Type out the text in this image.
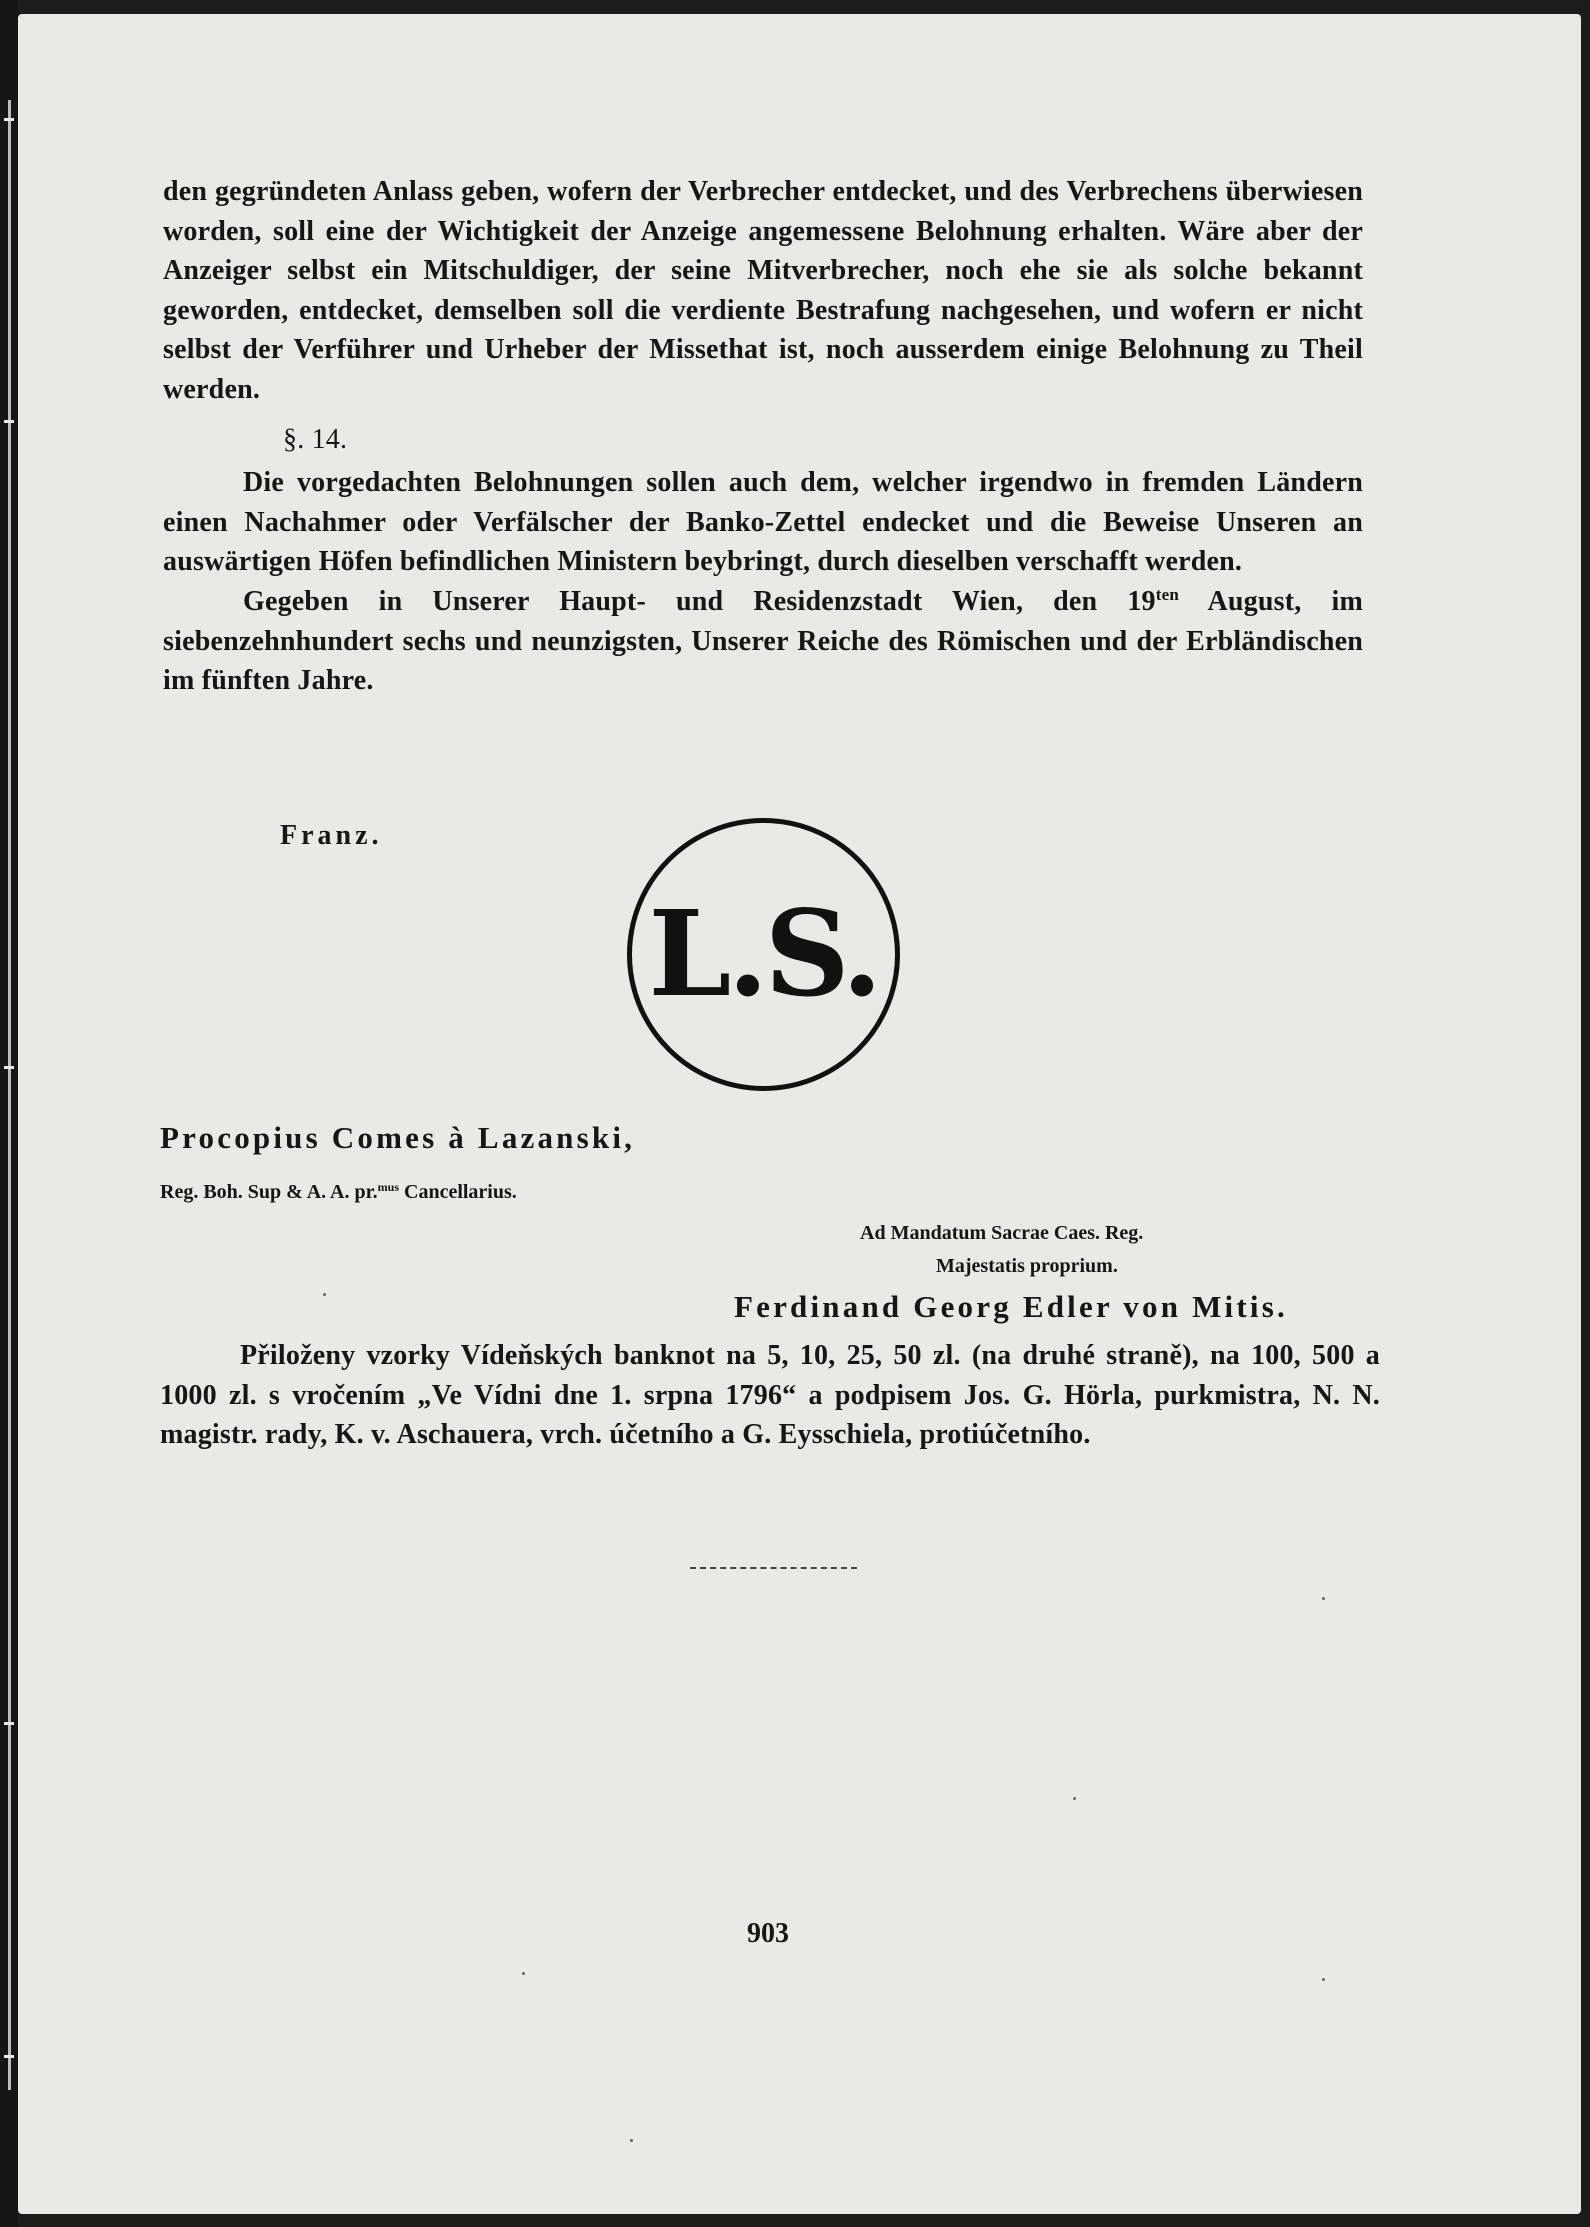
den gegründeten Anlass geben, wofern der Verbrecher entdecket, und des Verbrechens überwiesen worden, soll eine der Wichtigkeit der Anzeige angemessene Belohnung erhalten. Wäre aber der Anzeiger selbst ein Mitschuldiger, der seine Mitverbrecher, noch ehe sie als solche bekannt geworden, entdecket, demselben soll die verdiente Bestrafung nachgesehen, und wofern er nicht selbst der Verführer und Urheber der Missethat ist, noch ausserdem einige Belohnung zu Theil werden.

§. 14.

Die vorgedachten Belohnungen sollen auch dem, welcher irgendwo in fremden Ländern einen Nachahmer oder Verfälscher der Banko-Zettel endecket und die Beweise Unseren an auswärtigen Höfen befindlichen Ministern beybringt, durch dieselben verschafft werden.

Gegeben in Unserer Haupt- und Residenzstadt Wien, den $19^{ten}$ August, im siebenzehnhundert sechs und neunzigsten, Unserer Reiche des Römischen und der Erbländischen im fünften Jahre.

Franz.
L.S.
Procopius Comes à Lazanski,
Reg. Boh. Sup & A. A. pr.$^{mus}$ Cancellarius.
Ad Mandatum Sacrae Caes. Reg.
Majestatis proprium.
Ferdinand Georg Edler von Mitis.

Přiloženy vzorky Vídeňských banknot na 5, 10, 25, 50 zl. (na druhé straně), na 100, 500 a 1000 zl. s vročením „Ve Vídni dne 1. srpna 1796“ a podpisem Jos. G. Hörla, purkmistra, N. N. magistr. rady, K. v. Aschauera, vrch. účetního a G. Eysschiela, protiúčetního.

903
